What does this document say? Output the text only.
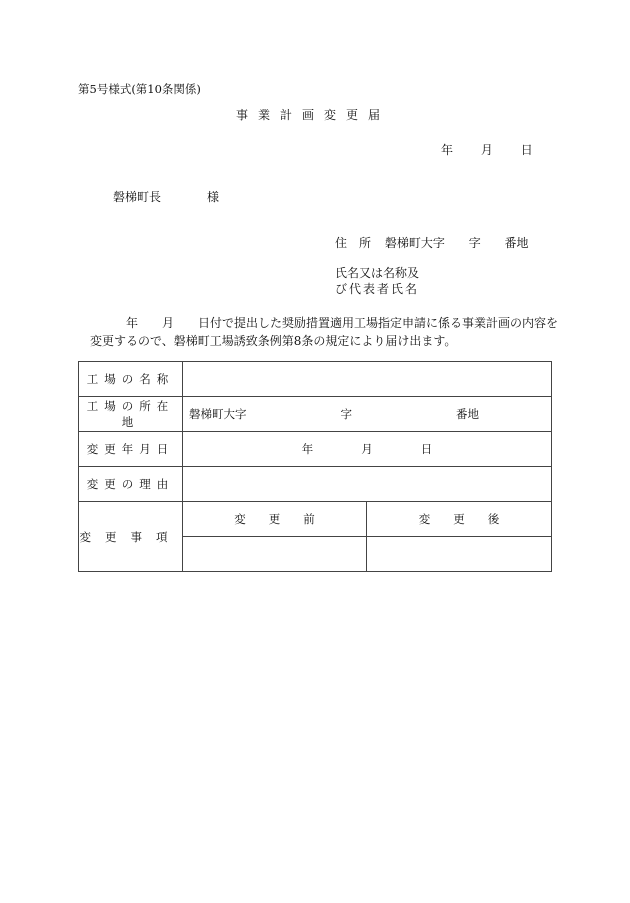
第5号様式(第10条関係)
事業計画変更届
年 月 日
磐梯町長	様
住　所 磐梯町大字 字 番地
氏名又は名称及
び代表者氏名
年　　月　　日付で提出した奨励措置適用工場指定申請に係る事業計画の内容を
変更するので、磐梯町工場誘致条例第8条の規定により届け出ます。
工場の名称		
工場の所在地	磐梯町大字 字 番地	

変更年月日	年 月 日	

変更の理由		
変更事項	変　　更　　前	変　　更　　後
